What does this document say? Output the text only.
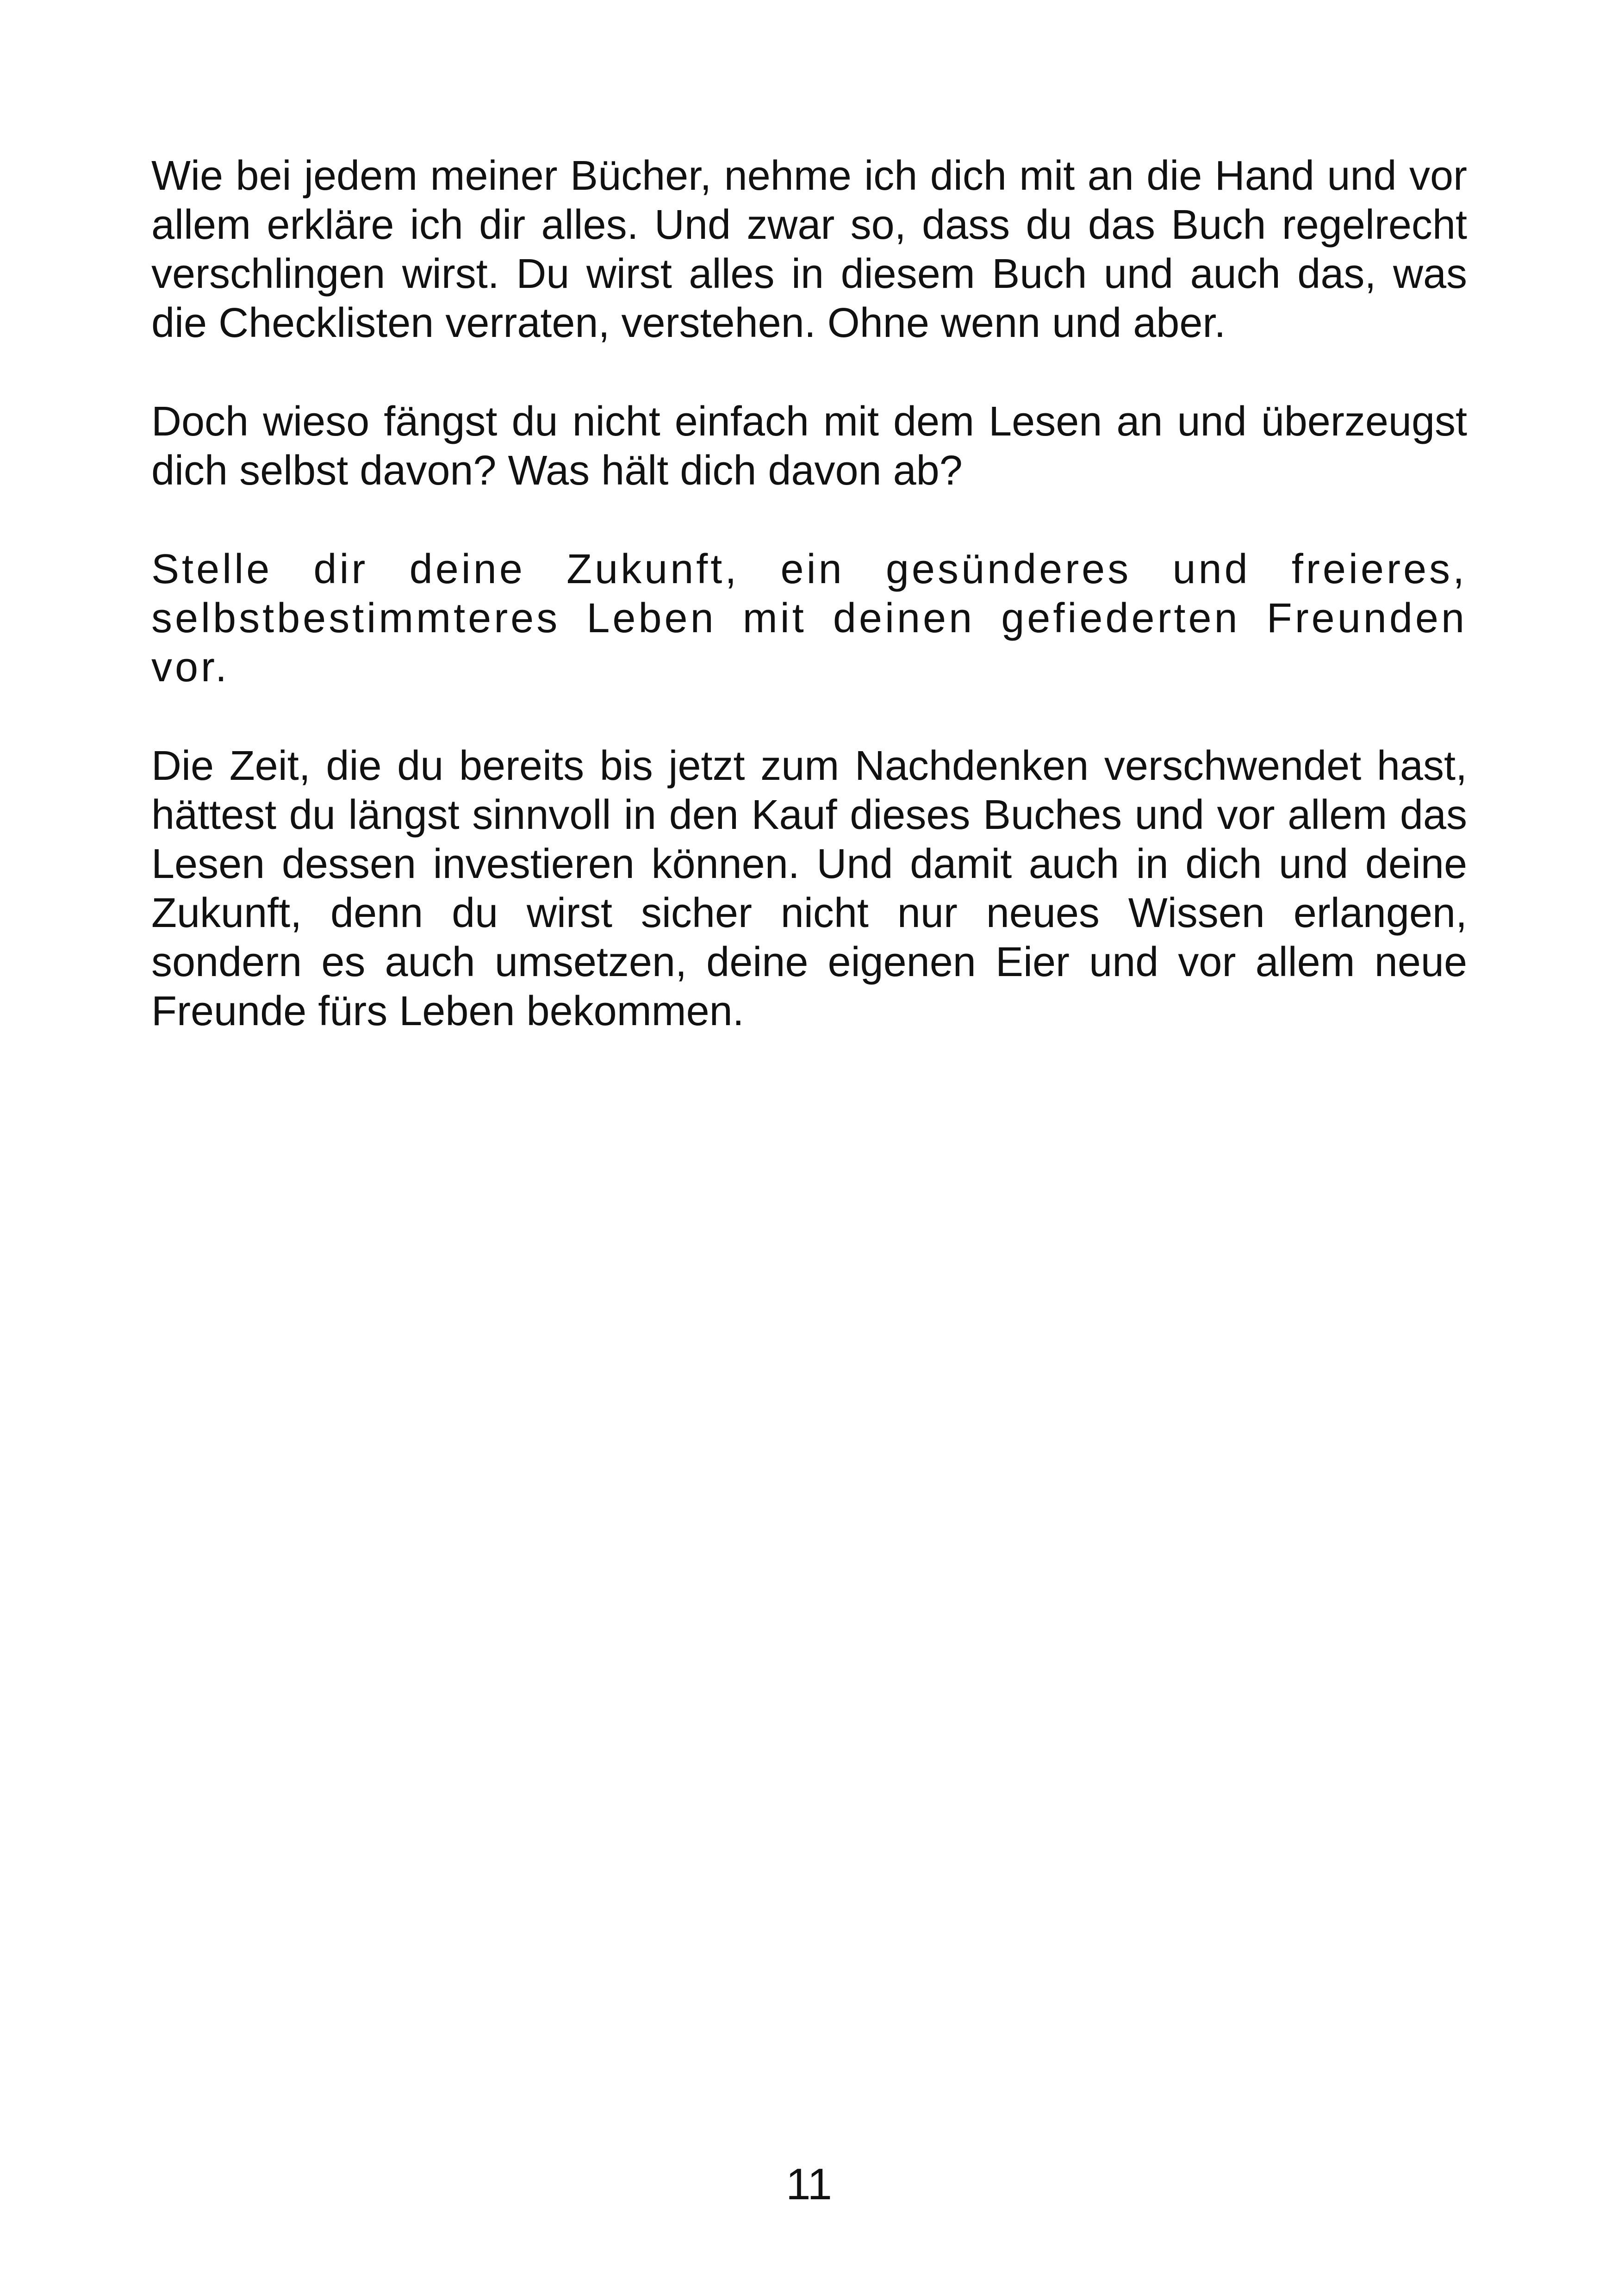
Wie bei jedem meiner Bücher, nehme ich dich mit an die Hand und vor allem erkläre ich dir alles. Und zwar so, dass du das Buch regelrecht verschlingen wirst. Du wirst alles in diesem Buch und auch das, was die Checklisten verraten, verstehen. Ohne wenn und aber.

Doch wieso fängst du nicht einfach mit dem Lesen an und überzeugst dich selbst davon? Was hält dich davon ab?

Stelle dir deine Zukunft, ein gesünderes und freieres, selbstbestimmteres Leben mit deinen gefiederten Freunden vor.

Die Zeit, die du bereits bis jetzt zum Nachdenken verschwendet hast, hättest du längst sinnvoll in den Kauf dieses Buches und vor allem das Lesen dessen investieren können. Und damit auch in dich und deine Zukunft, denn du wirst sicher nicht nur neues Wissen erlangen, sondern es auch umsetzen, deine eigenen Eier und vor allem neue Freunde fürs Leben bekommen.

11
